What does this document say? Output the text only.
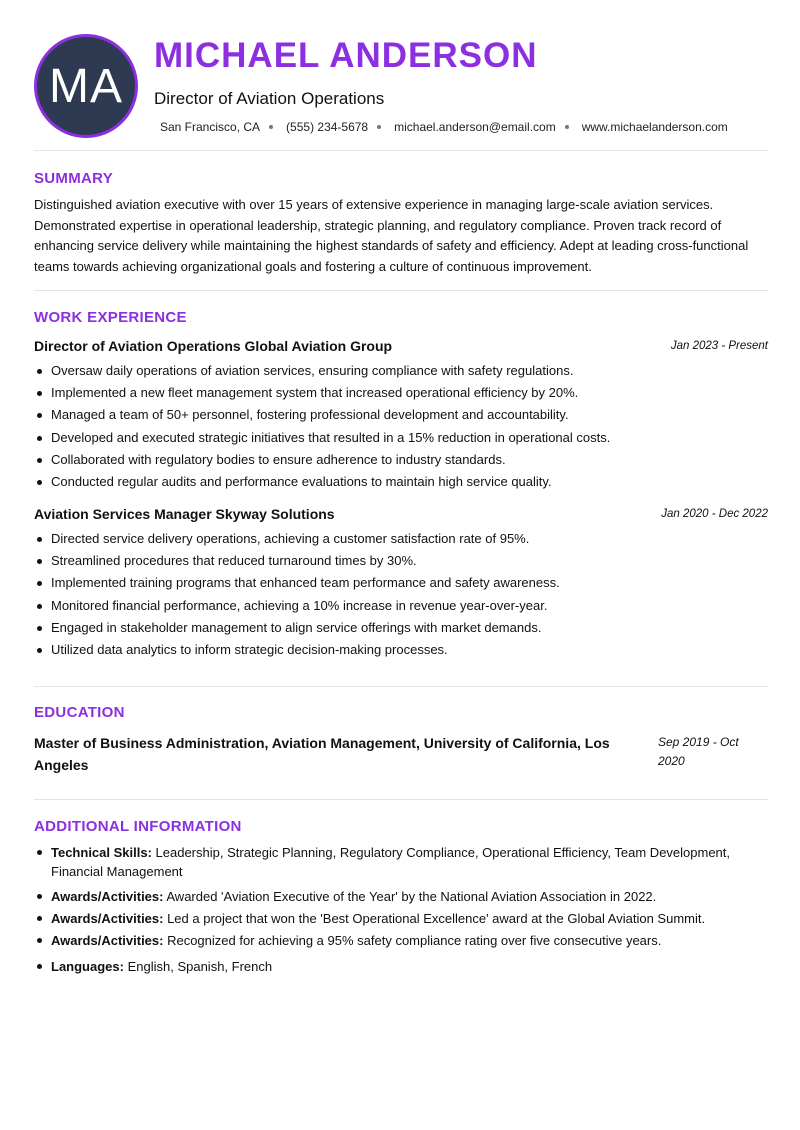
MA
MICHAEL ANDERSON
Director of Aviation Operations
San Francisco, CA (555) 234-5678 michael.anderson@email.com www.michaelanderson.com
SUMMARY

Distinguished aviation executive with over 15 years of extensive experience in managing large-scale aviation services. Demonstrated expertise in operational leadership, strategic planning, and regulatory compliance. Proven track record of enhancing service delivery while maintaining the highest standards of safety and efficiency. Adept at leading cross-functional teams towards achieving organizational goals and fostering a culture of continuous improvement.

WORK EXPERIENCE
Director of Aviation Operations Global Aviation Group	Jan 2023 - Present
Oversaw daily operations of aviation services, ensuring compliance with safety regulations.
Implemented a new fleet management system that increased operational efficiency by 20%.
Managed a team of 50+ personnel, fostering professional development and accountability.
Developed and executed strategic initiatives that resulted in a 15% reduction in operational costs.
Collaborated with regulatory bodies to ensure adherence to industry standards.
Conducted regular audits and performance evaluations to maintain high service quality.
Aviation Services Manager Skyway Solutions	Jan 2020 - Dec 2022
Directed service delivery operations, achieving a customer satisfaction rate of 95%.
Streamlined procedures that reduced turnaround times by 30%.
Implemented training programs that enhanced team performance and safety awareness.
Monitored financial performance, achieving a 10% increase in revenue year-over-year.
Engaged in stakeholder management to align service offerings with market demands.
Utilized data analytics to inform strategic decision-making processes.
EDUCATION
Master of Business Administration, Aviation Management, University of California, Los Angeles
Sep 2019 - Oct 2020
ADDITIONAL INFORMATION
Technical Skills: Leadership, Strategic Planning, Regulatory Compliance, Operational Efficiency, Team Development, Financial Management
Awards/Activities: Awarded 'Aviation Executive of the Year' by the National Aviation Association in 2022.
Awards/Activities: Led a project that won the 'Best Operational Excellence' award at the Global Aviation Summit.
Awards/Activities: Recognized for achieving a 95% safety compliance rating over five consecutive years.
Languages: English, Spanish, French
